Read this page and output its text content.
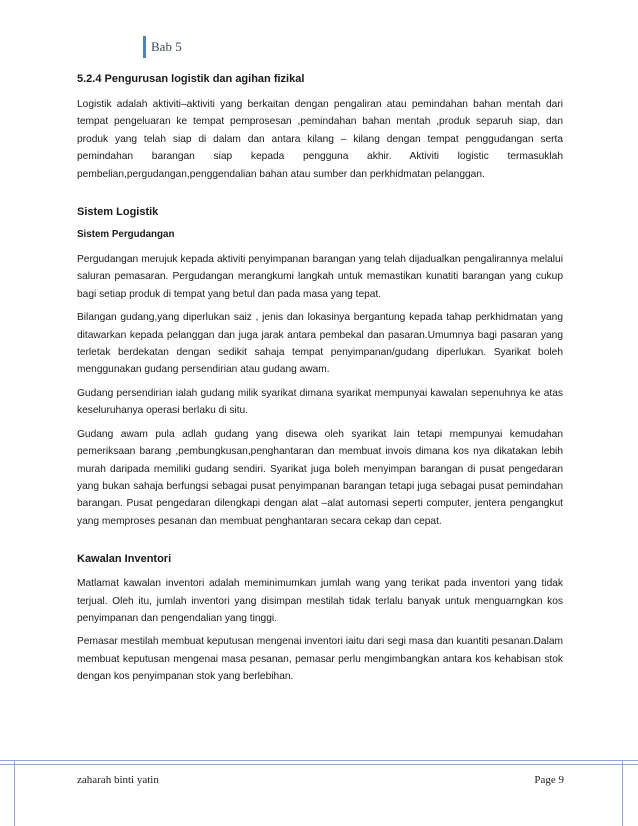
Bab 5
5.2.4 Pengurusan logistik dan agihan fizikal
Logistik adalah aktiviti–aktiviti yang berkaitan dengan pengaliran atau pemindahan bahan mentah dari tempat pengeluaran ke tempat pemprosesan ,pemindahan bahan mentah ,produk separuh siap, dan produk yang telah siap di dalam dan antara kilang – kilang dengan tempat penggudangan serta pemindahan barangan siap kepada pengguna akhir. Aktiviti logistic termasuklah pembelian,pergudangan,penggendalian bahan atau sumber dan perkhidmatan pelanggan.
Sistem Logistik
Sistem Pergudangan
Pergudangan merujuk kepada aktiviti penyimpanan barangan yang telah dijadualkan pengalirannya melalui saluran pemasaran. Pergudangan merangkumi langkah untuk memastikan kunatiti barangan yang cukup bagi setiap produk di tempat yang betul dan pada masa yang tepat.
Bilangan gudang,yang diperlukan saiz , jenis dan lokasinya bergantung kepada tahap perkhidmatan yang ditawarkan kepada pelanggan dan juga jarak antara pembekal dan pasaran.Umumnya bagi pasaran yang terletak berdekatan dengan sedikit sahaja tempat penyimpanan/gudang diperlukan. Syarikat boleh menggunakan gudang persendirian atau gudang awam.
Gudang persendirian ialah gudang milik syarikat dimana syarikat mempunyai kawalan sepenuhnya ke atas keseluruhanya operasi berlaku di situ.
Gudang awam pula adlah gudang yang disewa oleh syarikat lain tetapi mempunyai kemudahan pemeriksaan barang ,pembungkusan,penghantaran dan membuat invois dimana kos nya dikatakan lebih murah daripada memiliki gudang sendiri. Syarikat juga boleh menyimpan barangan di pusat pengedaran yang bukan sahaja berfungsi sebagai pusat penyimpanan barangan tetapi juga sebagai pusat pemindahan barangan. Pusat pengedaran dilengkapi dengan alat –alat automasi seperti computer, jentera pengangkut yang memproses pesanan dan membuat penghantaran secara cekap dan cepat.
Kawalan Inventori
Matlamat kawalan inventori adalah meminimumkan jumlah wang yang terikat pada inventori yang tidak terjual. Oleh itu, jumlah inventori yang disimpan mestilah tidak terlalu banyak untuk menguarngkan kos penyimpanan dan pengendalian yang tinggi.
Pemasar mestilah membuat keputusan mengenai inventori iaitu dari segi masa dan kuantiti pesanan.Dalam membuat keputusan mengenai masa pesanan, pemasar perlu mengimbangkan antara kos kehabisan stok dengan kos penyimpanan stok yang berlebihan.
zaharah binti yatin	Page 9
